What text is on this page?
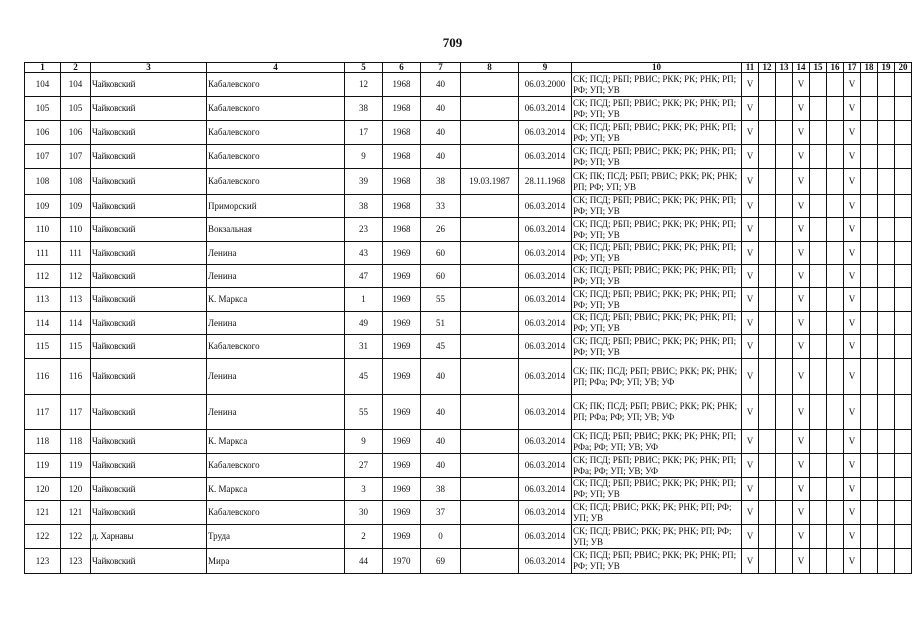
709
1	2	3	4	5	6	7	8	9	10	11	12	13	14	15	16	17	18	19	20
104	104	Чайковский	Кабалевского	12	1968	40		06.03.2000	СК; ПСД; РБП; РВИС; РКК; РК; РНК; РП; РФ; УП; УВ	V			V			V			
105	105	Чайковский	Кабалевского	38	1968	40		06.03.2014	СК; ПСД; РБП; РВИС; РКК; РК; РНК; РП; РФ; УП; УВ	V			V			V			
106	106	Чайковский	Кабалевского	17	1968	40		06.03.2014	СК; ПСД; РБП; РВИС; РКК; РК; РНК; РП; РФ; УП; УВ	V			V			V			
107	107	Чайковский	Кабалевского	9	1968	40		06.03.2014	СК; ПСД; РБП; РВИС; РКК; РК; РНК; РП; РФ; УП; УВ	V			V			V			
108	108	Чайковский	Кабалевского	39	1968	38	19.03.1987	28.11.1968	СК; ПК; ПСД; РБП; РВИС; РКК; РК; РНК; РП; РФ; УП; УВ	V			V			V			
109	109	Чайковский	Приморский	38	1968	33		06.03.2014	СК; ПСД; РБП; РВИС; РКК; РК; РНК; РП; РФ; УП; УВ	V			V			V			
110	110	Чайковский	Вокзальная	23	1968	26		06.03.2014	СК; ПСД; РБП; РВИС; РКК; РК; РНК; РП; РФ; УП; УВ	V			V			V			
111	111	Чайковский	Ленина	43	1969	60		06.03.2014	СК; ПСД; РБП; РВИС; РКК; РК; РНК; РП; РФ; УП; УВ	V			V			V			
112	112	Чайковский	Ленина	47	1969	60		06.03.2014	СК; ПСД; РБП; РВИС; РКК; РК; РНК; РП; РФ; УП; УВ	V			V			V			
113	113	Чайковский	К. Маркса	1	1969	55		06.03.2014	СК; ПСД; РБП; РВИС; РКК; РК; РНК; РП; РФ; УП; УВ	V			V			V			
114	114	Чайковский	Ленина	49	1969	51		06.03.2014	СК; ПСД; РБП; РВИС; РКК; РК; РНК; РП; РФ; УП; УВ	V			V			V			
115	115	Чайковский	Кабалевского	31	1969	45		06.03.2014	СК; ПСД; РБП; РВИС; РКК; РК; РНК; РП; РФ; УП; УВ	V			V			V			
116	116	Чайковский	Ленина	45	1969	40		06.03.2014	СК; ПК; ПСД; РБП; РВИС; РКК; РК; РНК; РП; РФа; РФ; УП; УВ; УФ	V			V			V			
117	117	Чайковский	Ленина	55	1969	40		06.03.2014	СК; ПК; ПСД; РБП; РВИС; РКК; РК; РНК; РП; РФа; РФ; УП; УВ; УФ	V			V			V			
118	118	Чайковский	К. Маркса	9	1969	40		06.03.2014	СК; ПСД; РБП; РВИС; РКК; РК; РНК; РП; РФа; РФ; УП; УВ; УФ	V			V			V			
119	119	Чайковский	Кабалевского	27	1969	40		06.03.2014	СК; ПСД; РБП; РВИС; РКК; РК; РНК; РП; РФа; РФ; УП; УВ; УФ	V			V			V			
120	120	Чайковский	К. Маркса	3	1969	38		06.03.2014	СК; ПСД; РБП; РВИС; РКК; РК; РНК; РП; РФ; УП; УВ	V			V			V			
121	121	Чайковский	Кабалевского	30	1969	37		06.03.2014	СК; ПСД; РВИС; РКК; РК; РНК; РП; РФ; УП; УВ	V			V			V			
122	122	д. Харнавы	Труда	2	1969	0		06.03.2014	СК; ПСД; РВИС; РКК; РК; РНК; РП; РФ; УП; УВ	V			V			V			
123	123	Чайковский	Мира	44	1970	69		06.03.2014	СК; ПСД; РБП; РВИС; РКК; РК; РНК; РП; РФ; УП; УВ	V			V			V			
